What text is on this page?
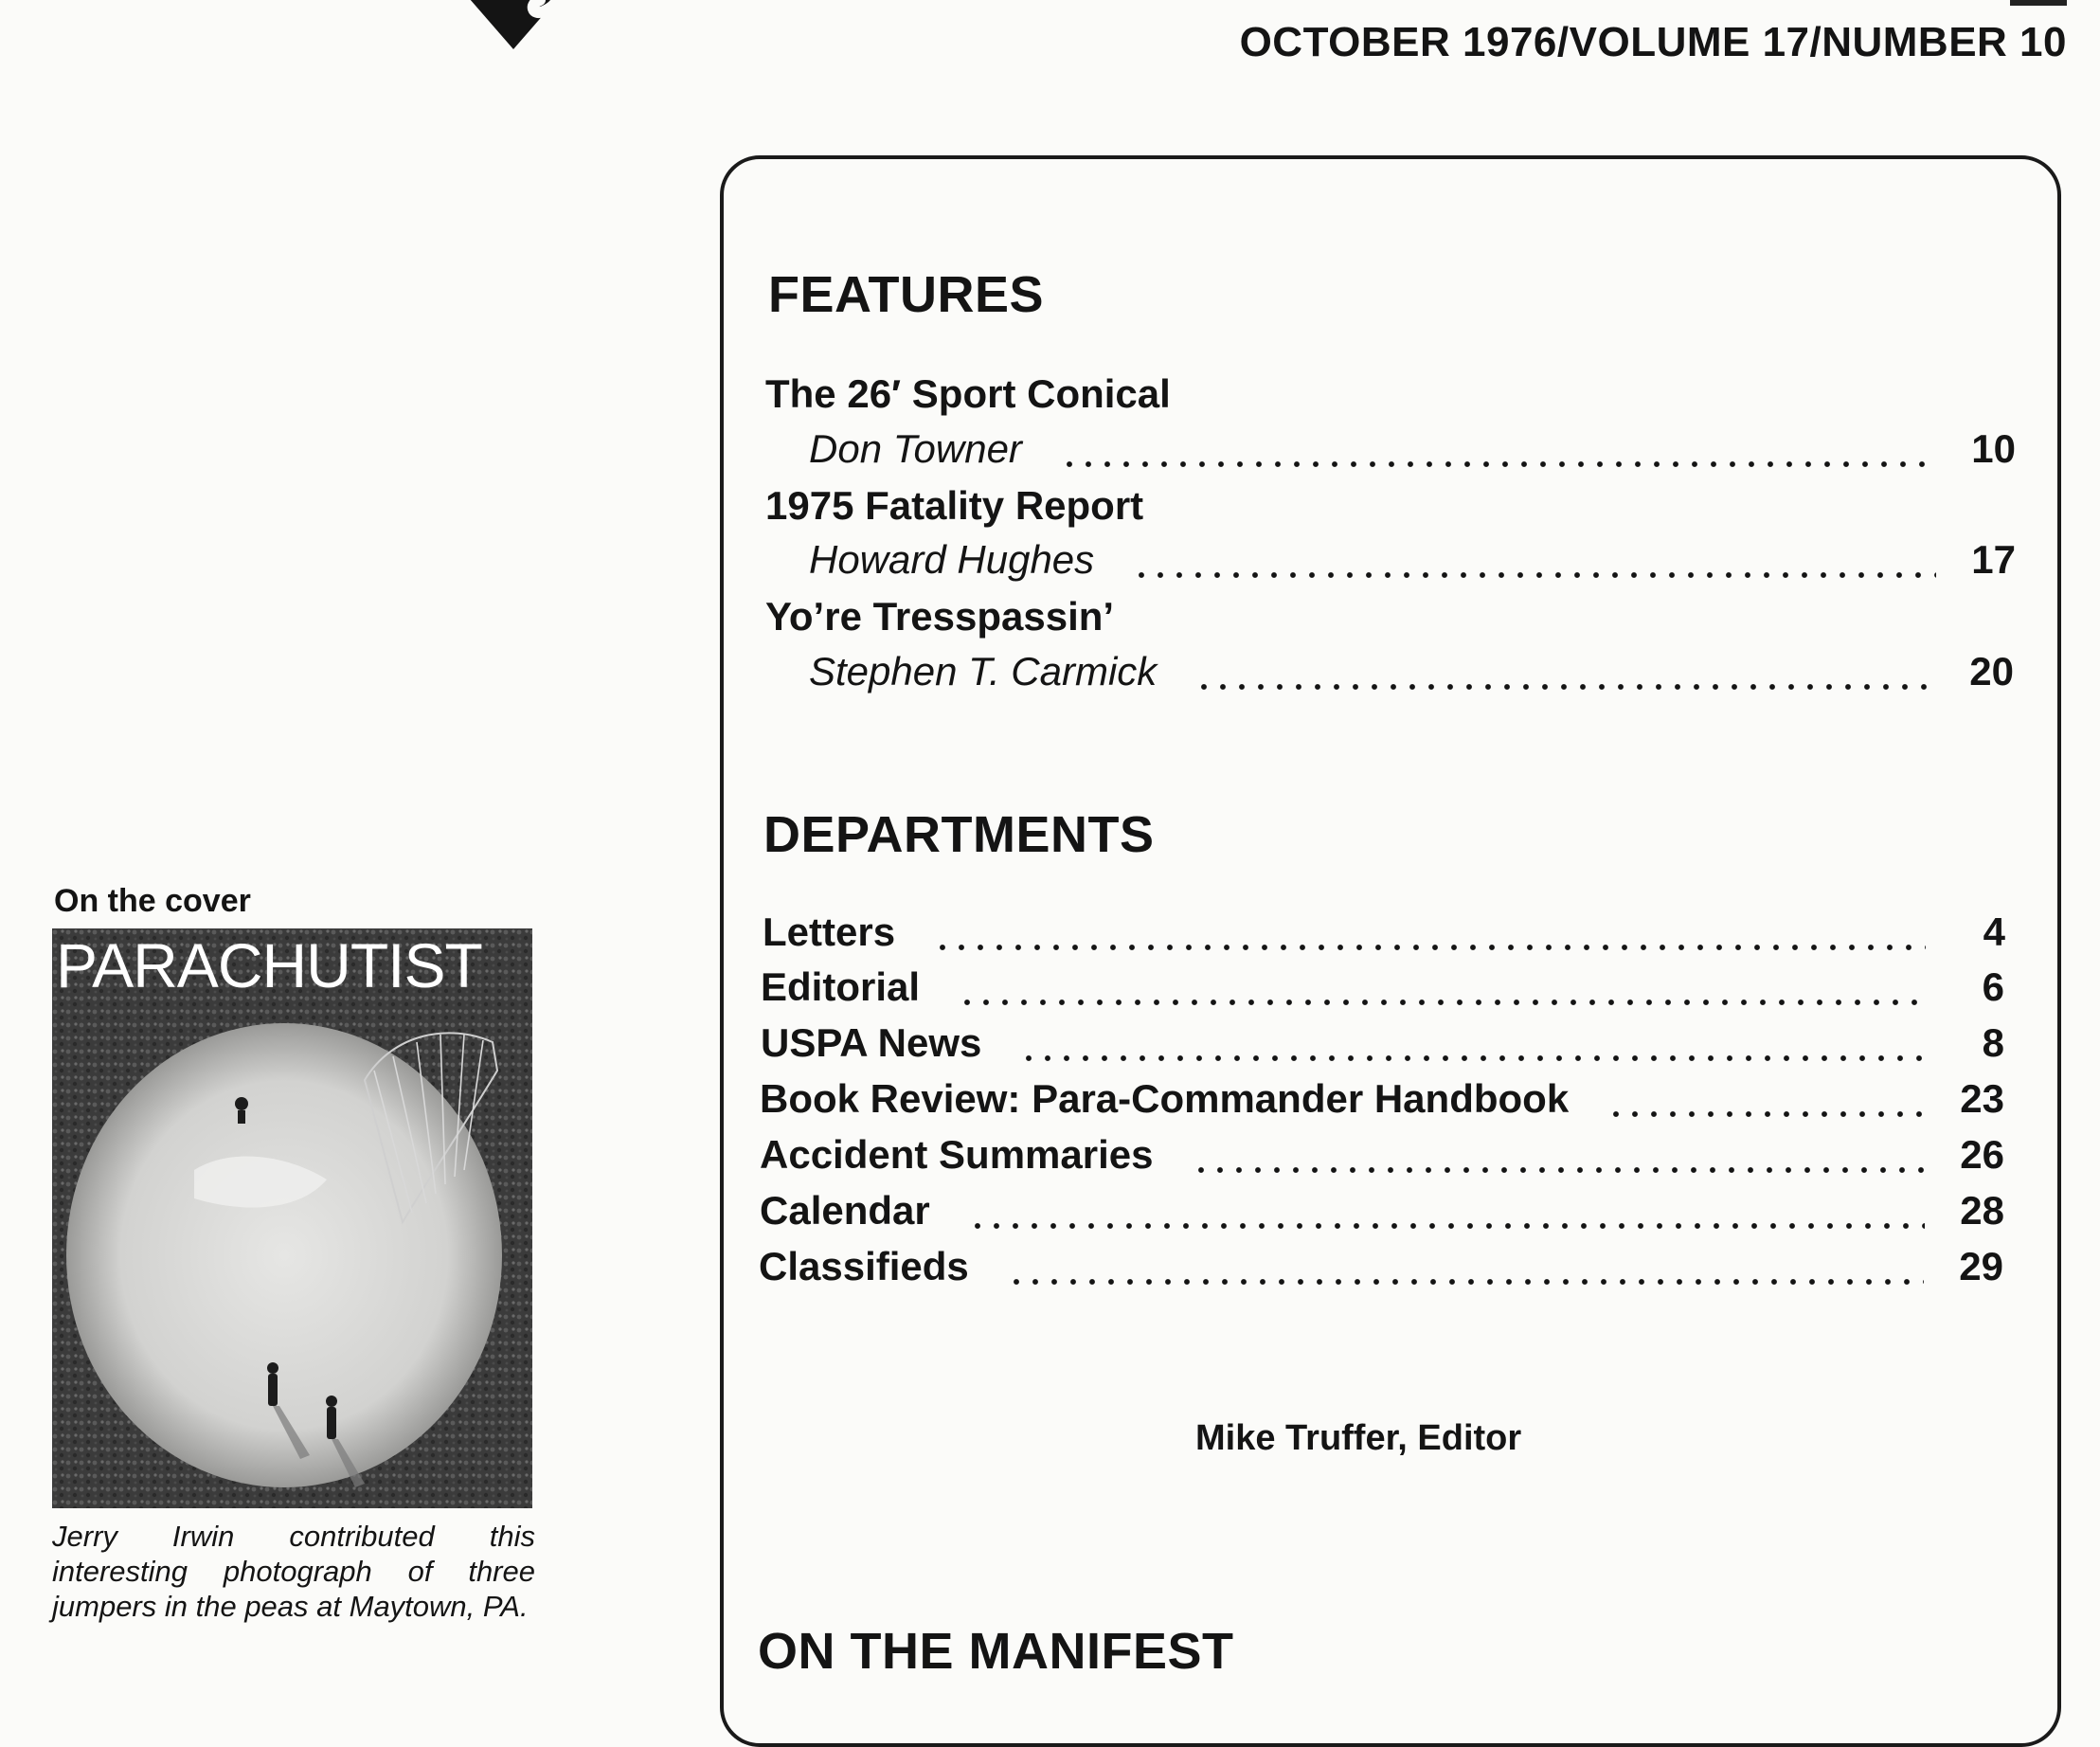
OCTOBER 1976/VOLUME 17/NUMBER 10
On the cover
PARACHUTIST
Jerry Irwin contributed this interesting photograph of three jumpers in the peas at Maytown, PA.
FEATURES
The 26′ Sport Conical
Don Towner	10
1975 Fatality Report
Howard Hughes	17
Yo’re Tresspassin’
Stephen T. Carmick	20
DEPARTMENTS
Letters	4
Editorial	6
USPA News	8
Book Review: Para-Commander Handbook	23
Accident Summaries	26
Calendar	28
Classifieds	29
Mike Truffer, Editor
ON THE MANIFEST
